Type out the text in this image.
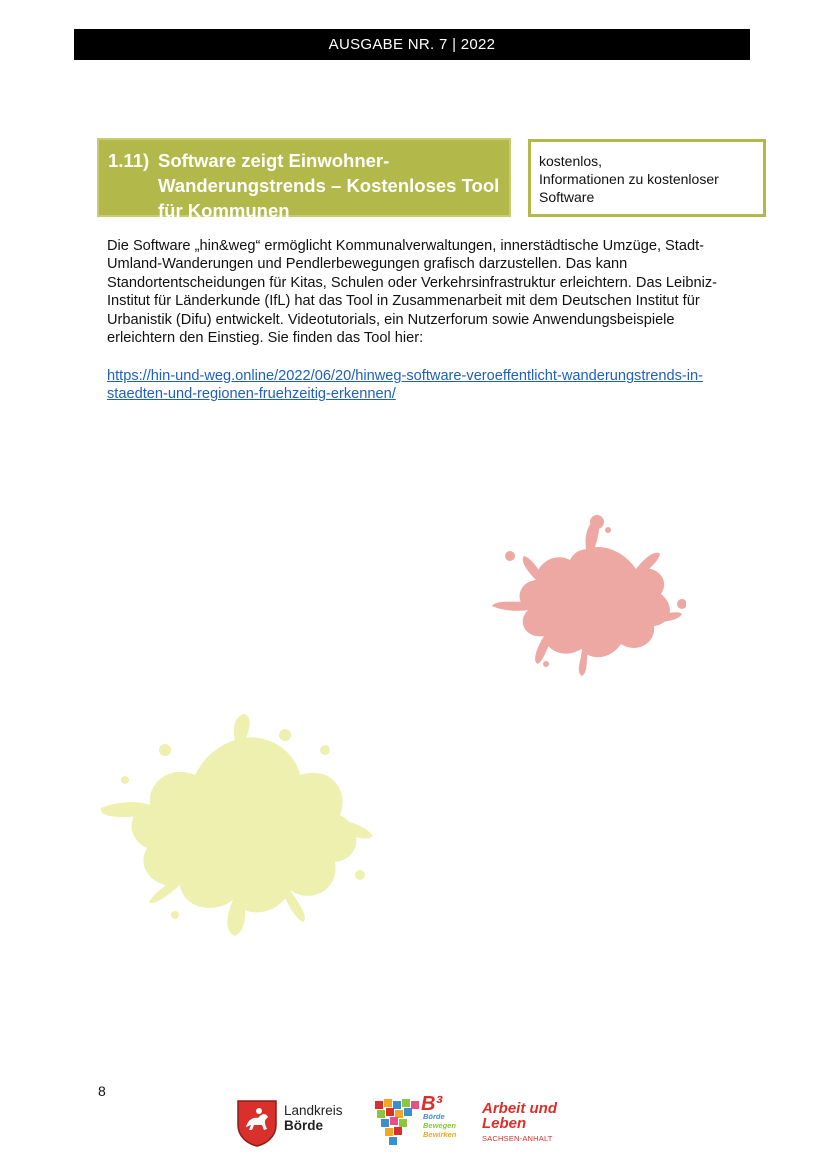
AUSGABE NR. 7 | 2022
1.11) Software zeigt Einwohner-
Wanderungstrends – Kostenloses Tool
für Kommunen
kostenlos,
Informationen zu kostenloser
Software
Die Software „hin&weg“ ermöglicht Kommunalverwaltungen, innerstädtische Umzüge, Stadt-
Umland-Wanderungen und Pendlerbewegungen grafisch darzustellen. Das kann
Standortentscheidungen für Kitas, Schulen oder Verkehrsinfrastruktur erleichtern. Das Leibniz-
Institut für Länderkunde (IfL) hat das Tool in Zusammenarbeit mit dem Deutschen Institut für
Urbanistik (Difu) entwickelt. Videotutorials, ein Nutzerforum sowie Anwendungsbeispiele
erleichtern den Einstieg. Sie finden das Tool hier:
https://hin-und-weg.online/2022/06/20/hinweg-software-veroeffentlicht-wanderungstrends-in-
staedten-und-regionen-fruehzeitig-erkennen/
8
Landkreis
Börde
B³
Börde
Bewegen
Bewirken
Arbeit und
Leben
SACHSEN-ANHALT
